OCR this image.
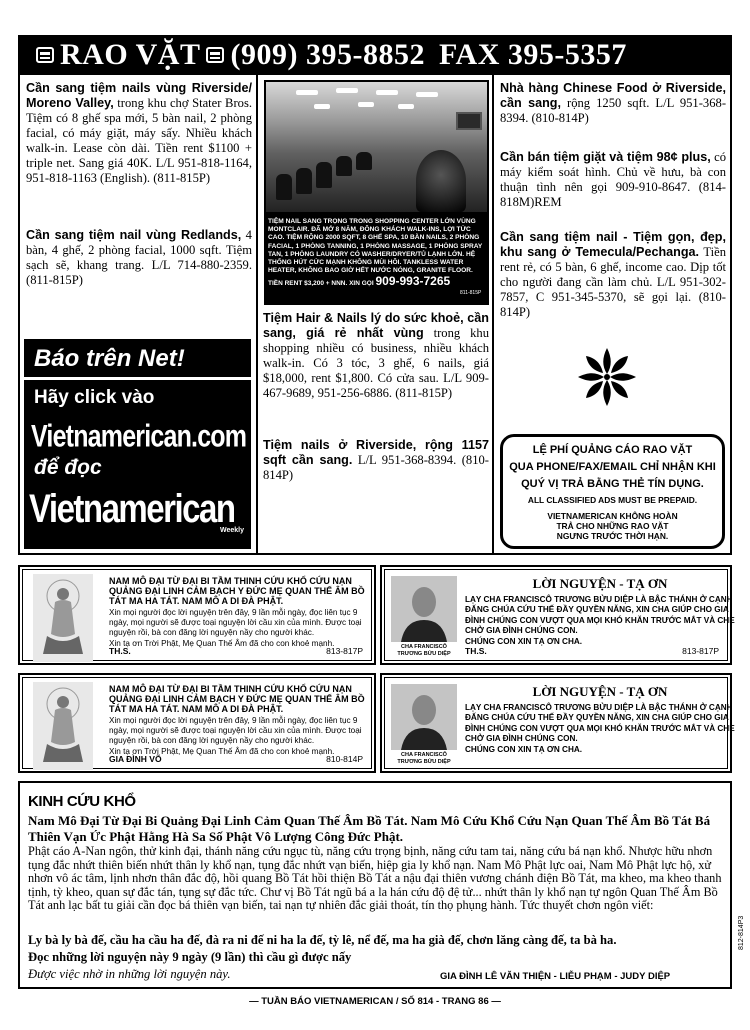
RAO VẶT (909) 395-8852 FAX 395-5357
Cần sang tiệm nails vùng Riverside/ Moreno Valley, trong khu chợ Stater Bros. Tiệm có 8 ghế spa mới, 5 bàn nail, 2 phòng facial, có máy giặt, máy sấy. Nhiều khách walk-in. Lease còn dài. Tiền rent $1100 + triple net. Sang giá 40K. L/L 951-818-1164, 951-818-1163 (English). (811-815P)
Cần sang tiệm nail vùng Redlands, 4 bàn, 4 ghế, 2 phòng facial, 1000 sqft. Tiệm sạch sẽ, khang trang. L/L 714-880-2359. (811-815P)
Báo trên Net!
Hãy click vào
Vietnamerican.com
để đọc
Vietnamerican
Weekly
TIỆM NAIL SANG TRỌNG TRONG SHOPPING CENTER LỚN VÙNG MONTCLAIR. ĐÃ MỞ 8 NĂM, ĐÔNG KHÁCH WALK-INS, LỢI TỨC CAO. TIỆM RỘNG 2000 SQFT, 8 GHẾ SPA, 10 BÀN NAILS, 2 PHÒNG FACIAL, 1 PHÒNG TANNING, 1 PHÒNG MASSAGE, 1 PHÒNG SPRAY TAN, 1 PHÒNG LAUNDRY CÓ WASHER/DRYER/TỦ LẠNH LỚN. HỆ THỐNG HÚT CỨC MẠNH KHÔNG MÙI HÔI. TANKLESS WATER HEATER, KHÔNG BAO GIỜ HẾT NƯỚC NÓNG, GRANITE FLOOR.
TIỀN RENT $3,200 + NNN. XIN GỌI 909-993-7265
811-815P
Tiệm Hair & Nails lý do sức khoẻ, cần sang, giá rẻ nhất vùng trong khu shopping nhiều có business, nhiều khách walk-in. Có 3 tóc, 3 ghế, 6 nails, giá $18,000, rent $1,800. Có cửa sau. L/L 909-467-9689, 951-256-6886. (811-815P)
Tiệm nails ở Riverside, rộng 1157 sqft cần sang. L/L 951-368-8394. (810-814P)
Nhà hàng Chinese Food ở Riverside, cần sang, rộng 1250 sqft. L/L 951-368-8394. (810-814P)
Cần bán tiệm giặt và tiệm 98¢ plus, có máy kiểm soát hình. Chủ về hưu, bà con thuận tình nên gọi 909-910-8647. (814-818M)REM
Cần sang tiệm nail - Tiệm gọn, đẹp, khu sang ở Temecula/Pechanga. Tiền rent rẻ, có 5 bàn, 6 ghế, income cao. Dịp tốt cho người đang cần làm chủ. L/L 951-302-7857, C 951-345-5370, sẽ gọi lại. (810-814P)
LỆ PHÍ QUẢNG CÁO RAO VẶT
QUA PHONE/FAX/EMAIL CHỈ NHẬN KHI
QUÝ VỊ TRẢ BẰNG THẺ TÍN DỤNG.
ALL CLASSIFIED ADS MUST BE PREPAID.
VIETNAMERICAN KHÔNG HOÀN
TRẢ CHO NHỮNG RAO VẶT
NGƯNG TRƯỚC THỜI HẠN.
NAM MÔ ĐẠI TỪ ĐẠI BI TẦM THINH CỨU KHỔ CỨU NẠN QUẢNG ĐẠI LINH CẢM BẠCH Y ĐỨC MẸ QUAN THẾ ÂM BỒ TÁT MA HA TÁT. NAM MÔ A DI ĐÀ PHẬT.
Xin mọi người đọc lời nguyện trên đây, 9 lần mỗi ngày, đọc liên tục 9 ngày, mọi người sẽ được toại nguyện lời cầu xin của mình. Được toại nguyện rồi, bà con đăng lời nguyện nầy cho người khác.
Xin tạ ơn Trời Phật, Mẹ Quan Thế Âm đã cho con khoẻ mạnh.
TH.S.	813-817P	CHA FRANCISCÔ TRƯƠNG BỬU DIỆP
LỜI NGUYỆN - TẠ ƠN
LẠY CHA FRANCISCÔ TRƯƠNG BỬU DIỆP LÀ BẬC THÁNH Ở CẠNH ĐẤNG CHÚA CỨU THẾ ĐẦY QUYỀN NĂNG, XIN CHA GIÚP CHO GIA ĐÌNH CHÚNG CON VƯỢT QUA MỌI KHÓ KHĂN TRƯỚC MẮT VÀ CHE CHỞ GIA ĐÌNH CHÚNG CON.
CHÚNG CON XIN TẠ ƠN CHA.
TH.S.	813-817P
NAM MÔ ĐẠI TỪ ĐẠI BI TẦM THINH CỨU KHỔ CỨU NẠN QUẢNG ĐẠI LINH CẢM BẠCH Y ĐỨC MẸ QUAN THẾ ÂM BỒ TÁT MA HA TÁT. NAM MÔ A DI ĐÀ PHẬT.
Xin mọi người đọc lời nguyện trên đây, 9 lần mỗi ngày, đọc liên tục 9 ngày, mọi người sẽ được toại nguyện lời cầu xin của mình. Được toại nguyện rồi, bà con đăng lời nguyện nầy cho người khác.
Xin tạ ơn Trời Phật, Mẹ Quan Thế Âm đã cho con khoẻ mạnh.
GIA ĐÌNH VÕ	810-814P	CHA FRANCISCÔ TRƯƠNG BỬU DIỆP
LỜI NGUYỆN - TẠ ƠN
LẠY CHA FRANCISCÔ TRƯƠNG BỬU DIỆP LÀ BẬC THÁNH Ở CẠNH ĐẤNG CHÚA CỨU THẾ ĐẦY QUYỀN NĂNG, XIN CHA GIÚP CHO GIA ĐÌNH CHÚNG CON VƯỢT QUA MỌI KHÓ KHĂN TRƯỚC MẮT VÀ CHE CHỞ GIA ĐÌNH CHÚNG CON.
CHÚNG CON XIN TẠ ƠN CHA.
KINH CỨU KHỔ
Nam Mô Đại Từ Đại Bi Quảng Đại Linh Cảm Quan Thế Âm Bồ Tát. Nam Mô Cứu Khổ Cứu Nạn Quan Thế Âm Bồ Tát Bá Thiên Vạn Ức Phật Hằng Hà Sa Số Phật Vô Lượng Công Đức Phật.
Phật cáo A-Nan ngôn, thử kinh đại, thánh năng cứu ngục tù, năng cứu trọng bịnh, năng cứu tam tai, năng cứu bá nạn khổ. Nhược hữu nhơn tụng đắc nhứt thiên biến nhứt thân ly khổ nạn, tụng đắc nhứt vạn biến, hiệp gia ly khổ nạn. Nam Mô Phật lực oai, Nam Mô Phật lực hộ, xử nhơn vô ác tâm, lịnh nhơn thân đắc độ, hồi quang Bồ Tát hồi thiện Bồ Tát a nậu đại thiên vương chánh điện Bồ Tát, ma kheo, ma kheo thanh tịnh, tỳ kheo, quan sự đắc tán, tụng sự đắc tức. Chư vị Bồ Tát ngũ bá a la hán cứu độ đệ tử... nhứt thân ly khổ nạn tự ngôn Quan Thế Âm Bồ Tát anh lạc bất tu giải cần đọc bá thiên vạn biến, tai nạn tự nhiên đắc giải thoát, tín thọ phụng hành. Tức thuyết chơn ngôn viết:
Ly bà ly bà đế, cầu ha cầu ha đế, đà ra ni đế ni ha la đế, tỳ lê, nể đế, ma ha già đế, chơn lăng càng đế, ta bà ha.
Đọc những lời nguyện này 9 ngày (9 lần) thì cầu gì được nấy
Được việc nhờ in những lời nguyện này.	GIA ĐÌNH LÊ VĂN THIỆN - LIỄU PHẠM - JUDY DIỆP
812-814P3
— TUẦN BÁO VIETNAMERICAN / SỐ 814 - TRANG 86 —
